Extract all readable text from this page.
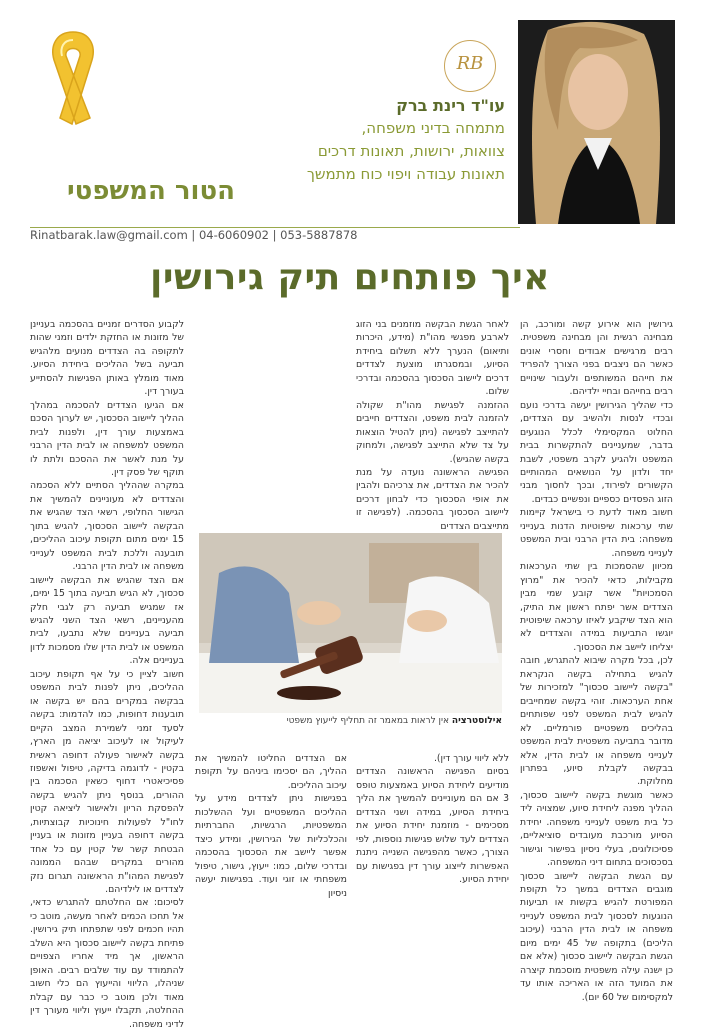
RB

עו"ד רינת ברק

מתמחה בדיני משפחה,

צוואות, ירושות, תאונות דרכים

תאונות עבודה ויפוי כוח מתמשך

הטור המשפטי
Rinatbarak.law@gmail.com | 04-6060902 | 053-5887878
איך פותחים תיק גירושין

גירושין הוא אירוע קשה ומורכב, הן מבחינה רגשית והן מבחינה משפטית. רבים מרגישים אבודים וחסרי אונים כאשר הם ניצבים בפני הצורך להפריד את חייהם המשותפים ולעבור שינויים רבים בחייהם ובחיי ילדיהם.

כדי שהליך הגירושין יעשה בדרכי נועם ובכדי לנסות ולהשיב עם הצדדים, החלוט המקסימלי לכלל הנוגעים בדבר, שמעניינים להתקשרות בבית המשפט ולהגיע לקרב משפטי, לשבת יחד ולדון על הנושאים המהותיים הקשורים לפירוד, ובכך לחסוך מבני הזוג הפסדים כספיים ונפשיים כבדים.

חשוב מאוד לדעת כי בישראל קיימות שתי ערכאות שיפוטיות הדנות בענייני משפחה: בית הדין הרבני ובית המשפט לענייני משפחה.

מכיוון שהסמכות בין שתי הערכאות מקבילות, כדאי להכיר את "מרוץ הסמכויות" אשר קובע שמי מבין הצדדים אשר יפתח ראשון את התיק, הוא הצד שיקבע לאיזו ערכאה שיפוטית יוגשו התביעות במידה והצדדים לא יצליחו ליישב את הסכסוך.

לכן, בכל מקרה שיבוא להתגרש, חובה להגיש בתחילה בקשה הנקראת "בקשה ליישוב סכסוך" למזכירות של אחת הערכאות. זוהי בקשה שמחייבים להגיש לבית המשפט לפני שפותחים בהליכים משפטיים פורמליים. לא מדובר בתביעה משפטית לבית המשפט לענייני משפחה או לבית הדין, אלא בבקשה לקבלת סיוע, בפתרון מחלוקת.

כאשר מוגשת בקשה ליישוב סכסוך, ההליך מפנה ליחידת סיוע, שמצויה ליד כל בית משפט לענייני משפחה. יחידת הסיוע מורכבת מעובדים סוציאליים, פסיכולוגים, בעלי ניסיון בפישור וגישור בסכסוכים בתחום דיני המשפחה.

עם הגשת הבקשה ליישוב סכסוך מוגבים הצדדים במשך כל תקופת המפורטת להגיש בקשות או תביעות הנוגעות לסכסוך לבית המשפט לענייני משפחה או לבית הדין הרבני (עיכוב הליכים) בתקופה של 45 ימים מיום הגשת הבקשה ליישוב סכסוך (אלא אם כן ישנה עילה משפטית מוסכמת קיצרה את המועד הזה או האריכה אותו עד למקסימום של 60 יום).

לאחר הגשת הבקשה מוזמנים בני הזוג לארבע מפגשי מהו"ת (מידע, היכרות ותיאום) הנערך ללא תשלום ביחידת הסיוע, ובמסגרתו מוצעת לצדדים דרכים ליישוב הסכסוך בהסכמה ובדרכי שלום.

ההזמנה לפגישת מהו"ת שקולה להזמנה לבית משפט, והצדדים חייבים להתייצב לפגישה (ניתן להטיל הוצאות על צד שלא התייצב לפגישה, ולמחוק בקשה שהגיש).

הפגישה הראשונה נועדה על מנת להכיר את הצדדים, את צרכיהם ולהבין את אופי הסכסוך כדי לבחון דרכים ליישוב הסכסוך בהסכמה. (לפגישה זו מתייצבים הצדדים

אילוסטרציה אין לראות במאמר זה תחליף לייעוץ משפטי

ללא ליווי עורך דין).

בסיום הפגישה הראשונה הצדדים מודיעים ליחידת הסיוע באמצעות טופס 3 אם הם מעוניינים להמשיך את הליך ביחידת הסיוע, במידה ושני הצדדים מסכימים - מוזמנת יחידת הסיוע את הצדדים לעד שלוש פגישות נוספות, לפי הצורך, כאשר מהפגישה השנייה ניתנת האפשרות לייצוג עורך דין בפגישות עם יחידת הסיוע.

אם הצדדים החליטו להמשיך את ההליך, הם יסכימו ביניהם על תקופת עיכוב ההליכים.

בפגישות ניתן לצדדים מידע על ההליכים המשפטיים ועל ההשלכות המשפטיות, הרגשיות, החברתיות והכלכליות של הגירושין, ומידע כיצד אפשר ליישב את הסכסוך בהסכמה ובדרכי שלום, כמו: ייעוץ, גישור, טיפול משפחתי או זוגי ועוד. בפגישות יעשה ניסיון

לקבוע הסדרים זמניים בהסכמה בעניינן של מזונות או החזקת ילדים וזמני שהות לתקופה בה הצדדים מנועים מלהגיש תביעה בשל ההליכים ביחידת הסיוע. מאוד מומלץ באותן הפגישות להסתייע בעורך דין.

אם הגיעו הצדדים להסכמה במהלך ההליך ליישוב הסכסוך, יש לערוך הסכם באמצעות עורך דין, ולפנות לבית המשפט למשפחה או לבית הדין הרבני על מנת לאשר את ההסכם ולתת לו תוקף של פסק דין.

במקרה שההליך הסתיים ללא הסכמה והצדדים לא מעוניינים להמשיך את הגישור החלופי, רשאי הצד שהגיש את הבקשה ליישוב הסכסוך, להגיש בתוך 15 ימים מתום תקופת עיכוב ההליכים, תובענה וללכת לבית המשפט לענייני משפחה או לבית הדין הרבני.

אם הצד שהגיש את הבקשה ליישוב סכסוך, לא הגיש תביעה בתוך 15 ימים, אז שמגיש תביעה רק לגבי חלק מהעניינים, רשאי הצד השני להגיש תביעה בעניינים שלא נתבעו, לבית המשפט או לבית הדין שלו מסמכות לדון בעניינים אלה.

חשוב לציין כי על אף תקופת עיכוב ההליכים, ניתן לפנות לבית המשפט בבקשה במקרים בהם יש בקשה או תובענות דחופות, כמו להדמות: בקשה לסעד זמני לשמירת המצב הקיים לעיקול או לעיכוב יציאה מן הארץ, בקשה לאישור פעולה דחופה ראשית בקטין - לדוגמה בדיקה, טיפול ואשפוז פסיכיאטרי דחוף כשאין הסכמה בין ההורים, בנוסף ניתן להגיש בקשה להפסקת הריון ולאישור ליציאה קטין לחו"ל לפעולות חינוכיות קבוצתיות, בקשה דחופה בעניין מזונות או בעניין הבטחת קשר של קטין עם כל אחד מהורים במקרים שבהם הממונה לפגישת המהו"ת הראשונה תגרום נזק לצדדים או לילדיהם.

לסיכום: אם החלטתם להתגרש כדאי, אל תחכו הכמים לאחר מעשה, מוטב כי תהיו חכמים לפני שתפתחו תיק גירושין. פתיחת בקשה ליישוב סכסוך היא השלב הראשון, אך מיד אחריו הצפויים להתמודד עם עוד שלבים רבים. האופן שניהלו, הליווי והייעוץ הם כלי חשוב מאוד ולכן מוטב כי כבר עם קבלת ההחלטה, תקבלו ייעוץ וליווי מעורך דין לדיני משפחה.
